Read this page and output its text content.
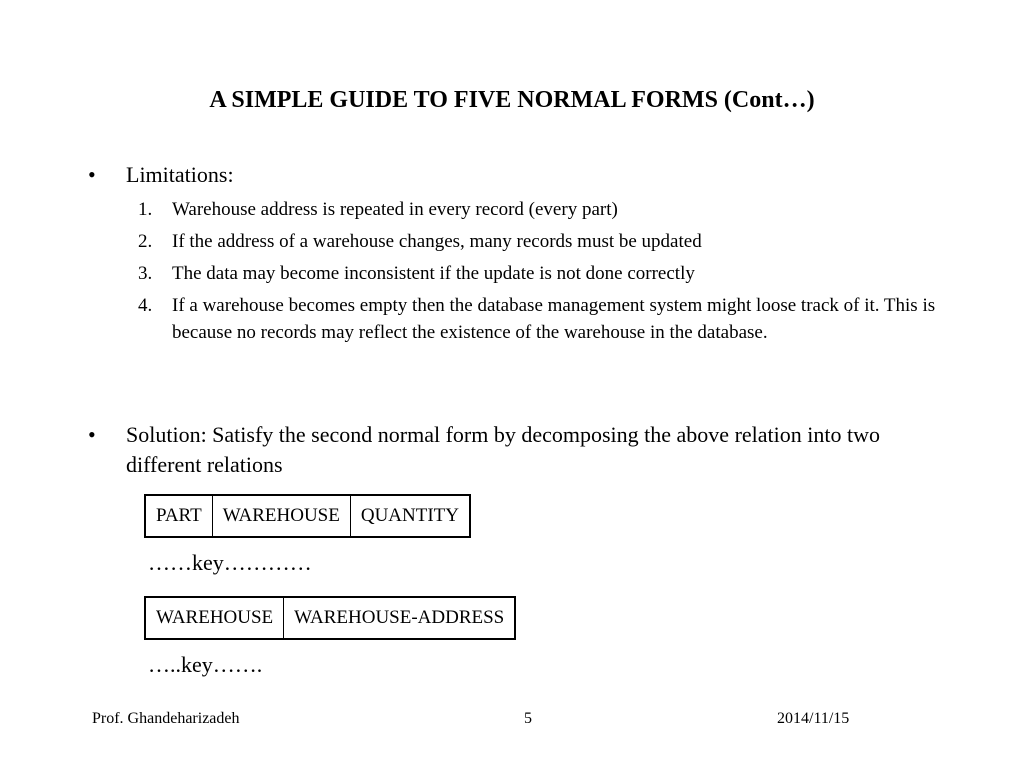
A SIMPLE GUIDE TO FIVE NORMAL FORMS (Cont…)
•	Limitations:
1. Warehouse address is repeated in every record (every part)
2. If the address of a warehouse changes, many records must be updated
3. The data may become inconsistent if the update is not done correctly
4. If a warehouse becomes empty then the database management system might loose track of it. This is because no records may reflect the existence of the warehouse in the database.
•	Solution: Satisfy the second normal form by decomposing the above relation into two different relations
PART	WAREHOUSE	QUANTITY
……key…………
WAREHOUSE	WAREHOUSE-ADDRESS
…..key…….
Prof. Ghandeharizadeh	5	2014/11/15
